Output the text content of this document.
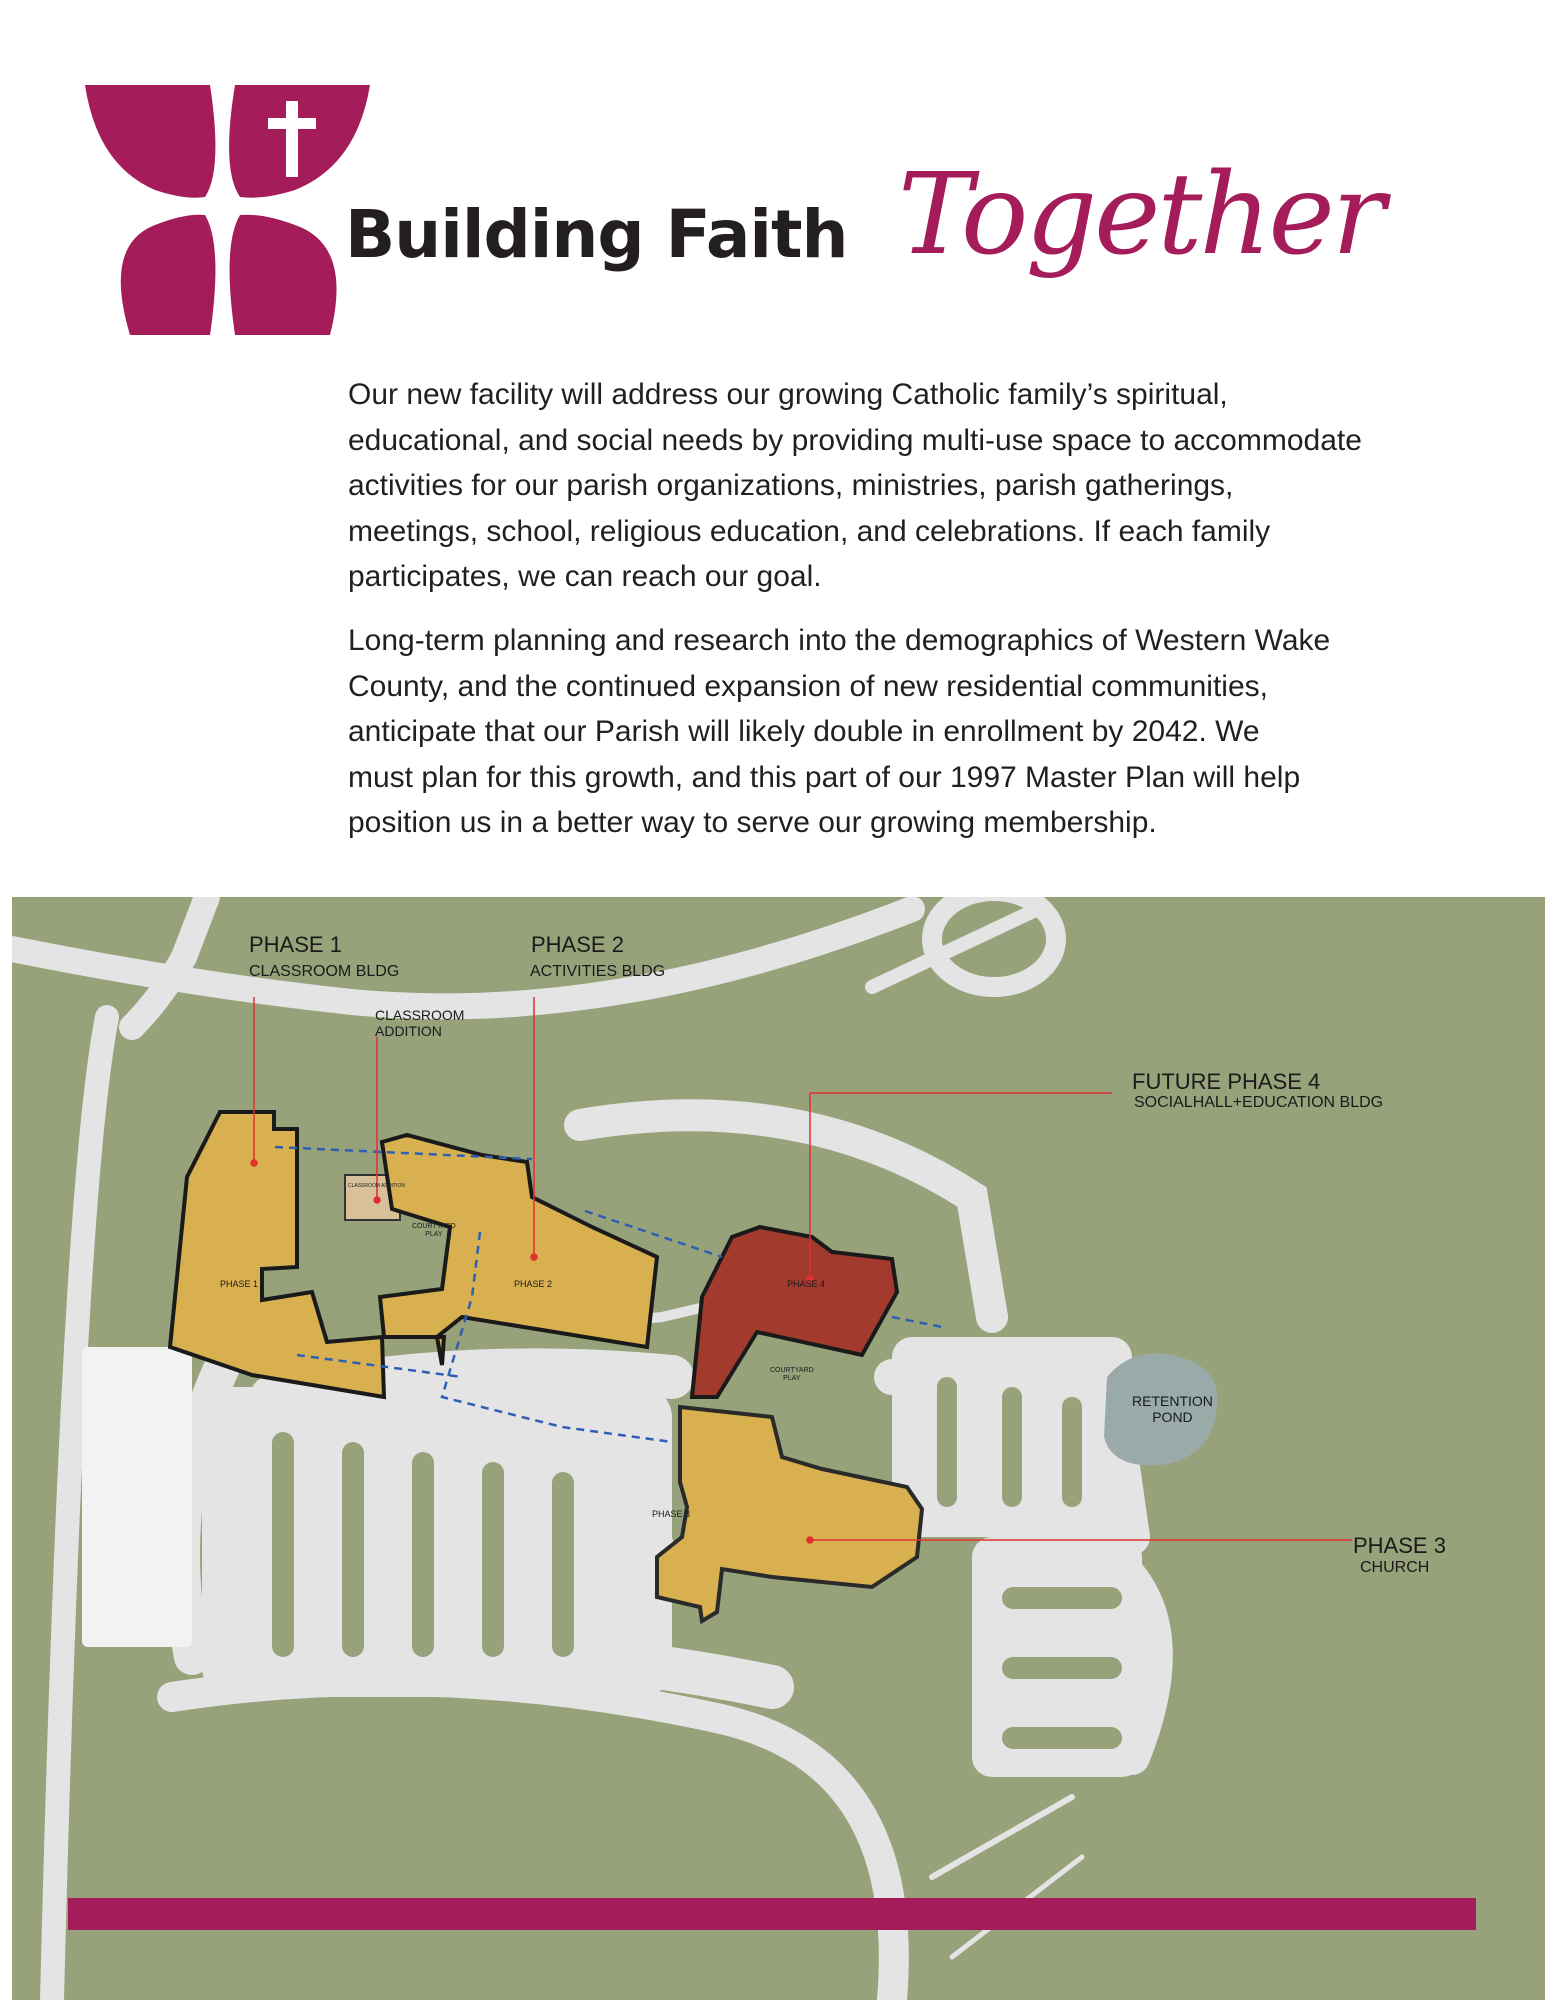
Building Faith Together

Our new facility will address our growing Catholic family’s spiritual,
educational, and social needs by providing multi-use space to accommodate
activities for our parish organizations, ministries, parish gatherings,
meetings, school, religious education, and celebrations. If each family
participates, we can reach our goal.

Long-term planning and research into the demographics of Western Wake
County, and the continued expansion of new residential communities,
anticipate that our Parish will likely double in enrollment by 2042. We
must plan for this growth, and this part of our 1997 Master Plan will help
position us in a better way to serve our growing membership.

PHASE 1
CLASSROOM BLDG
PHASE 2
ACTIVITIES BLDG
CLASSROOM
ADDITION
FUTURE PHASE 4
SOCIALHALL+EDUCATION BLDG
PHASE 3
CHURCH
RETENTION
POND
PHASE 1	PHASE 2	PHASE 4
PHASE 3
CLASSROOM ADDITION
COURTYARD
PLAY
COURTYARD
PLAY
